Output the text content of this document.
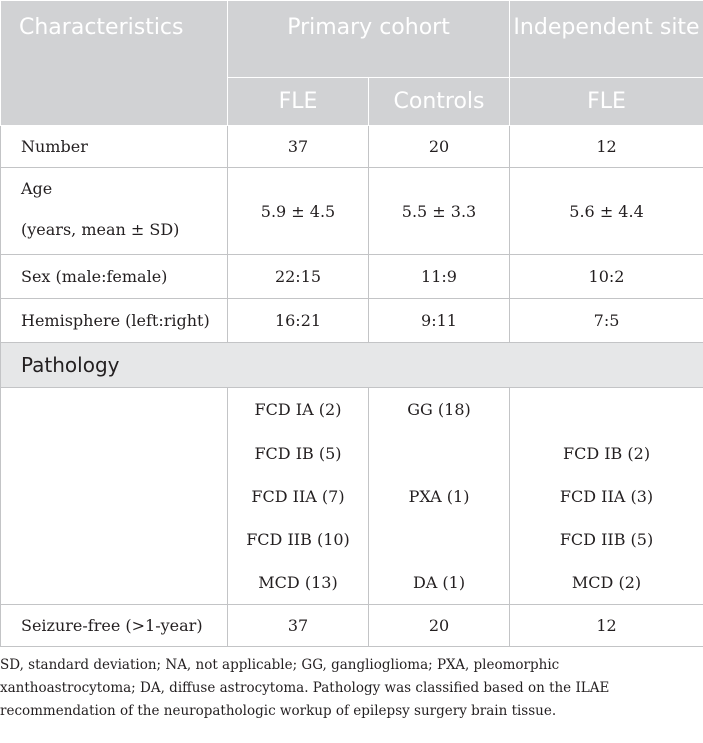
Characteristics	Primary cohort		Independent site
	FLE	Controls	FLE
Number	37	20	12

Age
(years, mean ± SD)	5.9 ± 4.5	5.5 ± 3.3	5.6 ± 4.4
Sex (male:female)	22:15	11:9	10:2
Hemisphere (left:right)	16:21	9:11	7:5
Pathology			
	FCD IA (2)	GG (18)	
	FCD IB (5)		FCD IB (2)
	FCD IIA (7)	PXA (1)	FCD IIA (3)
	FCD IIB (10)		FCD IIB (5)
	MCD (13)	DA (1)	MCD (2)
Seizure-free (>1-year)	37	20	12

SD, standard deviation; NA, not applicable; GG, ganglioglioma; PXA, pleomorphic xanthoastrocytoma; DA, diffuse astrocytoma. Pathology was classified based on the ILAE recommendation of the neuropathologic workup of epilepsy surgery brain tissue.
